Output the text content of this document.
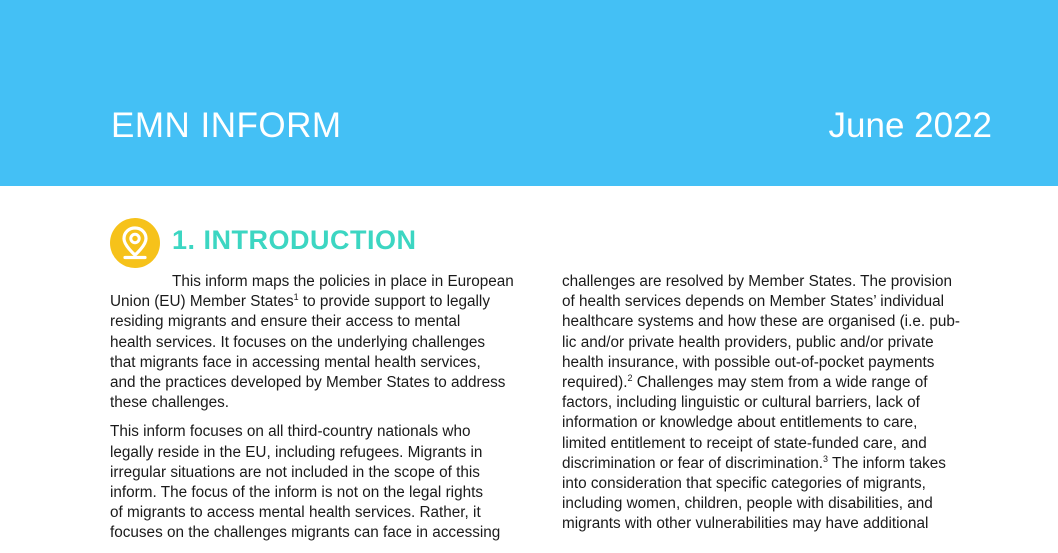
EMN INFORM	June 2022
1. INTRODUCTION

This inform maps the policies in place in European
Union (EU) Member States$^1$ to provide support to legally
residing migrants and ensure their access to mental
health services. It focuses on the underlying challenges
that migrants face in accessing mental health services,
and the practices developed by Member States to address
these challenges.

This inform focuses on all third-country nationals who
legally reside in the EU, including refugees. Migrants in
irregular situations are not included in the scope of this
inform. The focus of the inform is not on the legal rights
of migrants to access mental health services. Rather, it
focuses on the challenges migrants can face in accessing

challenges are resolved by Member States. The provision
of health services depends on Member States’ individual
healthcare systems and how these are organised (i.e. pub-
lic and/or private health providers, public and/or private
health insurance, with possible out-of-pocket payments
required).$^2$ Challenges may stem from a wide range of
factors, including linguistic or cultural barriers, lack of
information or knowledge about entitlements to care,
limited entitlement to receipt of state-funded care, and
discrimination or fear of discrimination.$^3$ The inform takes
into consideration that specific categories of migrants,
including women, children, people with disabilities, and
migrants with other vulnerabilities may have additional
